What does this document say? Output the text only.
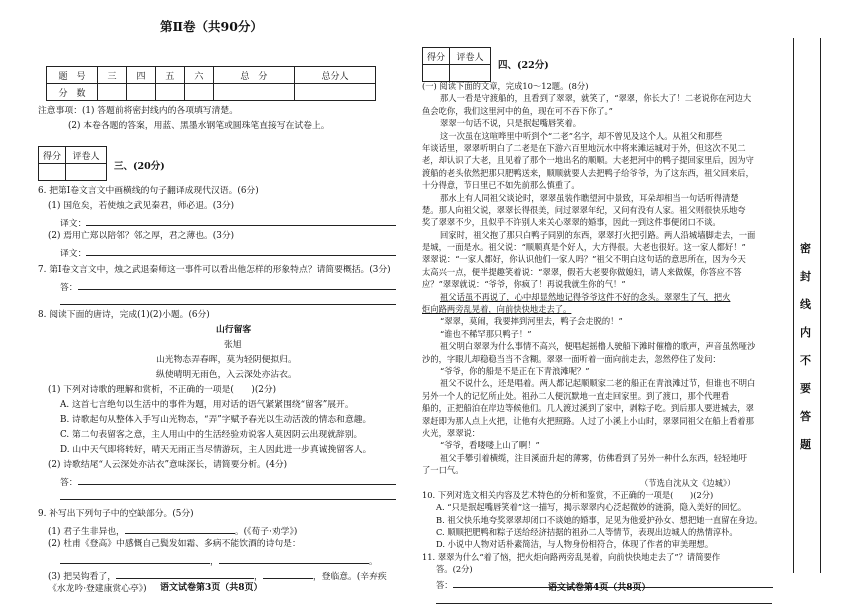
第Ⅱ卷（共90分）
题　号	三	四	五	六	总　分	总分人
分　数						
注意事项：(1) 答题前将密封线内的各项填写清楚。
(2) 本卷各题的答案，用蓝、黑墨水钢笔或圆珠笔直接写在试卷上。
得分	评卷人

三、(20分)
6. 把第Ⅰ卷文言文中画横线的句子翻译成现代汉语。(6分)
(1) 国危矣，若使烛之武见秦君，师必退。(3分)
译文：
(2) 焉用亡郑以陪邻？邻之厚，君之薄也。(3分)
译文：
7. 第Ⅰ卷文言文中，烛之武退秦师这一事件可以看出他怎样的形象特点？请简要概括。(3分)
答：
8. 阅读下面的唐诗，完成(1)(2)小题。(6分)
山行留客
张旭
山光物态弄春晖，莫为轻阴便拟归。
纵使晴明无雨色，入云深处亦沾衣。
(1) 下列对诗歌的理解和赏析，不正确的一项是(　　)(2分)
A. 这首七言绝句以生活中的事件为题，用对话的语气紧紧围绕“留客”展开。
B. 诗歌起句从整体入手写山光物态，“弄”字赋予春光以生动活泼的情态和意趣。
C. 第二句表留客之意，主人用山中的生活经验劝说客人莫因阴云出现就辞别。
D. 山中天气即将转好，晴天无雨正当尽情游玩，主人因此进一步真诚挽留客人。
(2) 诗歌结尾“人云深处亦沾衣”意味深长，请简要分析。(4分)
答：
9. 补写出下列句子中的空缺部分。(5分)
(1) 君子生非异也，	。(《荀子·劝学》)
(2) 杜甫《登高》中感慨自己鬓发如霜、多病不能饮酒的诗句是：
，	。
(3) 把吴钩看了，	，	，登临意。(辛弃疾
《水龙吟·登建康赏心亭》)	语文试卷第3页（共8页）
得分	评卷人

四、(22分)
(一) 阅读下面的文章，完成10～12题。(8分)
那人一看是守渡船的，且看到了翠翠，就笑了，“翠翠，你长大了！二老说你在河边大
鱼会吃你，我们这里河中的鱼，现在可不吞下你了。”
翠翠一句话不说，只是抿起嘴唇笑着。
这一次虽在这喧哗里中听到个“二老”名字，却不曾见及这个人。从祖父和那些
年谈话里，翠翠听明白了二老是在下游六百里地沅水中将来滩运城对于外，但这次不见二
老，却认识了大老，且见着了那个一地出名的顺顺。大老把河中的鸭子提回家里后，因为守
渡船的老头依然把那只肥鸭送来，顺顺就要人去把鸭子给爷爷，为了这东西，祖父回来后，
十分得意，节日里已不如先前那么慎重了。
那水上有人同祖父谈论时，翠翠虽装作瞧望河中景致，耳朵却相当一句话听得清楚
楚。那人向祖父说，翠翠长得很美，问过翠翠年纪，又问有没有人家。祖父则很快乐地夸
奖了翠翠不少，且似乎不许别人来关心翠翠的婚事，因此一到这件事便闭口不谈。
回家时，祖父抱了那只白鸭子同别的东西，翠翠打火把引路。两人沿城墙脚走去，一面
是城，一面是水。祖父说：“顺顺真是个好人，大方得很。大老也很好。这一家人都好！”
翠翠说：“一家人都好，你认识他们一家人吗？”祖父不明白这句话的意思所在，因为今天
太高兴一点，便半提趣笑着说：“翠翠，假若大老要你做媳妇，请人来做媒，你答应不答
应？”翠翠就说：“爷爷，你疯了！再说我就生你的气！”
祖父话虽不再说了，心中却显然地记得爷爷这件不好的念头。翠翠生了气，把火
炬向路两旁乱晃着，向前快快地走去了。
“翠翠，莫闹，我要摔到河里去，鸭子会走脱的！”
“谁也不稀罕那只鸭子！”
祖父明白翠翠为什么事情不高兴，便唱起摇橹人驶船下滩时催橹的歌声，声音虽然哑沙
沙的，字眼儿却稳稳当当不含糊。翠翠一面听着一面向前走去，忽然停住了发问：
“爷爷，你的船是不是正在下青浪滩呢？”
祖父不说什么，还是唱着。两人都记起顺顺家二老的船正在青浪滩过节，但谁也不明白
另外一个人的记忆所止处。祖孙二人便沉默地一直走回家里。到了渡口，那个代理看
船的，正把船泊在岸边等候他们。几人渡过溪到了家中，剥粽子吃。到后那人要进城去，翠
翠赶即为那人点上火把，让他有火把照路。人过了小溪上小山时，翠翠同祖父在船上看着那
火光，翠翠说：
“爷爷，看喽喽上山了啊！”
祖父手攀引着横缆，注目溪面升起的薄雾，仿佛看到了另外一种什么东西，轻轻地吁
了一口气。
（节选自沈从文《边城》）
10. 下列对选文相关内容及艺术特色的分析和鉴赏，不正确的一项是(　　)(2分)
A. “只是抿起嘴唇笑着”这一描写，揭示翠翠内心泛起微妙的涟漪，隐入美好的回忆。
B. 祖父快乐地夸奖翠翠却闭口不谈她的婚事，足见为他爱护孙女、想把她一直留在身边。
C. 顺顺把肥鸭和粽子送给经济拮据的祖孙二人等情节，表现出边城人的热情淳朴。
D. 小说中人物对话朴素简洁，与人物身份相符合，体现了作者的审美理想。
11. 翠翠为什么“着了恼，把火炬向路两旁乱晃着，向前快快地走去了”？请简要作
答。(2分)
答：	语文试卷第4页（共8页）
密
封
线
内
不
要
答
题
